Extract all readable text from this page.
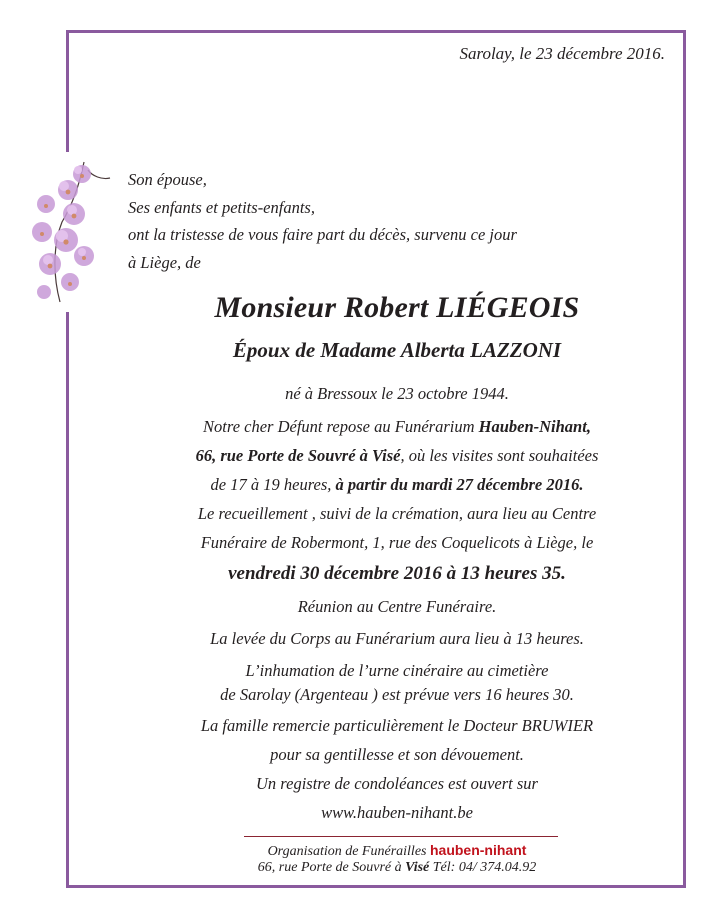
Sarolay, le 23 décembre 2016.
Son épouse,
Ses enfants et petits-enfants,
ont la tristesse de vous faire part du décès, survenu ce jour
à Liège, de
Monsieur Robert LIÉGEOIS
Époux de Madame Alberta LAZZONI
né à Bressoux le 23 octobre 1944.
Notre cher Défunt repose au Funérarium Hauben-Nihant,
66, rue Porte de Souvré à Visé, où les visites sont souhaitées
de 17 à 19 heures, à partir du mardi 27 décembre 2016.
Le recueillement , suivi de la crémation, aura lieu au Centre
Funéraire de Robermont, 1, rue des Coquelicots à Liège, le
vendredi 30 décembre 2016 à 13 heures 35.
Réunion au Centre Funéraire.
La levée du Corps au Funérarium aura lieu à 13 heures.
L’inhumation de l’urne cinéraire au cimetière
de Sarolay (Argenteau ) est prévue vers 16 heures 30.
La famille remercie particulièrement le Docteur BRUWIER
pour sa gentillesse et son dévouement.
Un registre de condoléances est ouvert sur
www.hauben-nihant.be
Organisation de Funérailles hauben-nihant
66, rue Porte de Souvré à Visé Tél: 04/ 374.04.92
